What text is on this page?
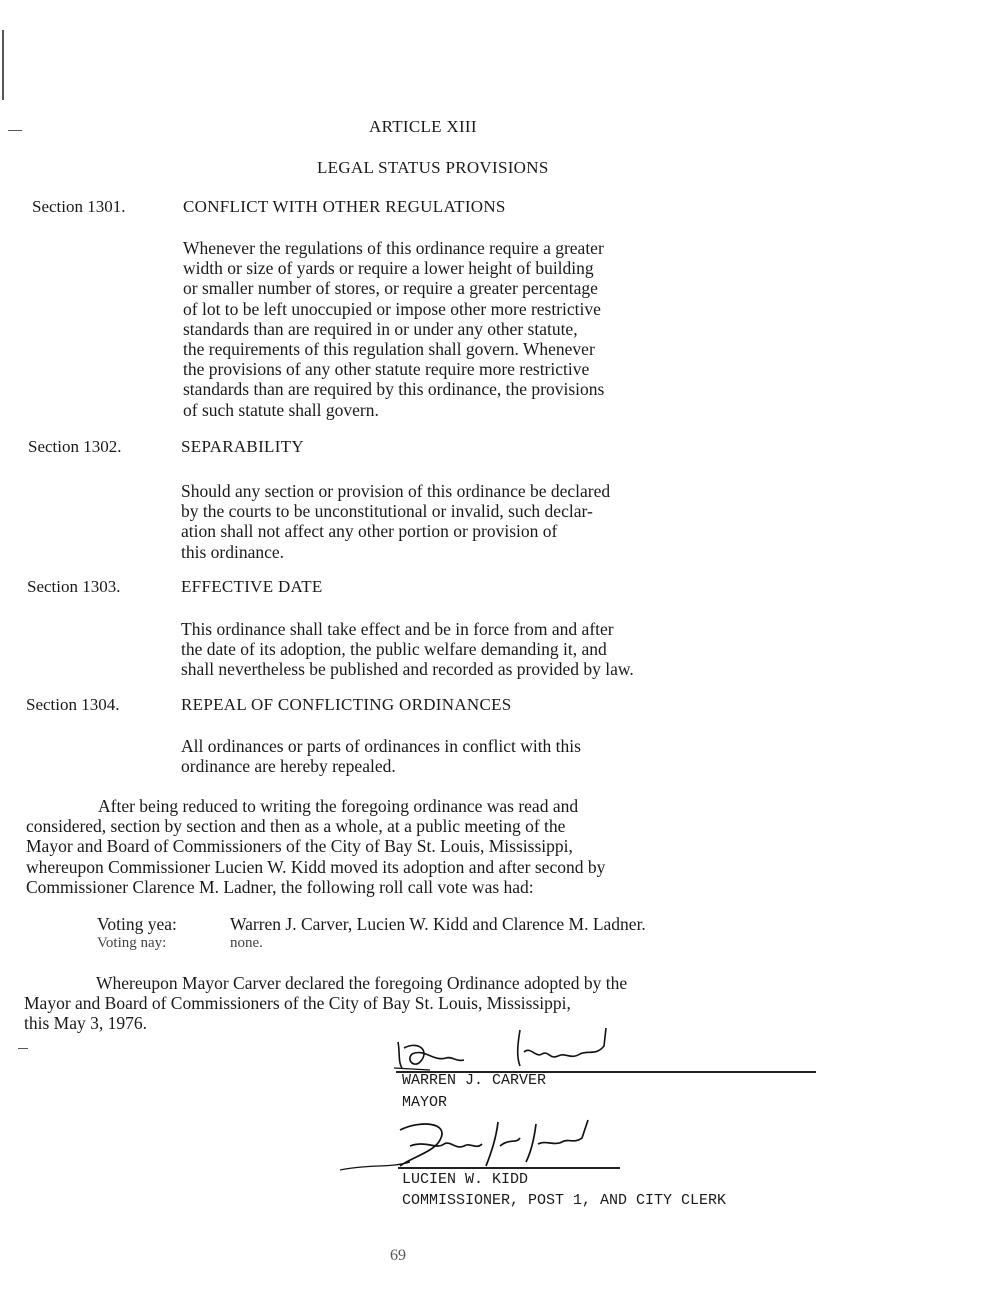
ARTICLE XIII
LEGAL STATUS PROVISIONS
Section 1301.	CONFLICT WITH OTHER REGULATIONS
Whenever the regulations of this ordinance require a greater
width or size of yards or require a lower height of building
or smaller number of stores, or require a greater percentage
of lot to be left unoccupied or impose other more restrictive
standards than are required in or under any other statute,
the requirements of this regulation shall govern. Whenever
the provisions of any other statute require more restrictive
standards than are required by this ordinance, the provisions
of such statute shall govern.
Section 1302.	SEPARABILITY
Should any section or provision of this ordinance be declared
by the courts to be unconstitutional or invalid, such declar-
ation shall not affect any other portion or provision of
this ordinance.
Section 1303.	EFFECTIVE DATE
This ordinance shall take effect and be in force from and after
the date of its adoption, the public welfare demanding it, and
shall nevertheless be published and recorded as provided by law.
Section 1304.	REPEAL OF CONFLICTING ORDINANCES
All ordinances or parts of ordinances in conflict with this
ordinance are hereby repealed.
After being reduced to writing the foregoing ordinance was read and
considered, section by section and then as a whole, at a public meeting of the
Mayor and Board of Commissioners of the City of Bay St. Louis, Mississippi,
whereupon Commissioner Lucien W. Kidd moved its adoption and after second by
Commissioner Clarence M. Ladner, the following roll call vote was had:
Voting yea:	Warren J. Carver, Lucien W. Kidd and Clarence M. Ladner.
Voting nay:	none.
Whereupon Mayor Carver declared the foregoing Ordinance adopted by the
Mayor and Board of Commissioners of the City of Bay St. Louis, Mississippi,
this May 3, 1976.
WARREN J. CARVER
MAYOR
LUCIEN W. KIDD
COMMISSIONER, POST 1, AND CITY CLERK
69
